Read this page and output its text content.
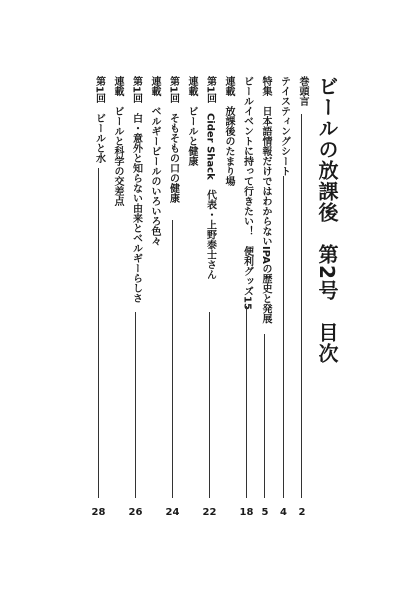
ビールの放課後　第2号　目次
巻頭言
2
テイスティングシート
4
特集　日本語情報だけではわからないIPAの歴史と発展
5
ビールイベントに持って行きたい！　便利グッズ15
18
連載　放課後のたまり場
第1回　Cider Shack　代表・上野泰士さん
22
連載　ビールと健康
第1回　そもそもの口の健康
24
連載　ベルギービールのいろいろ色々
第1回　白・意外と知らない由来とベルギーらしさ
26
連載　ビールと科学の交差点
第1回　ビールと水
28
